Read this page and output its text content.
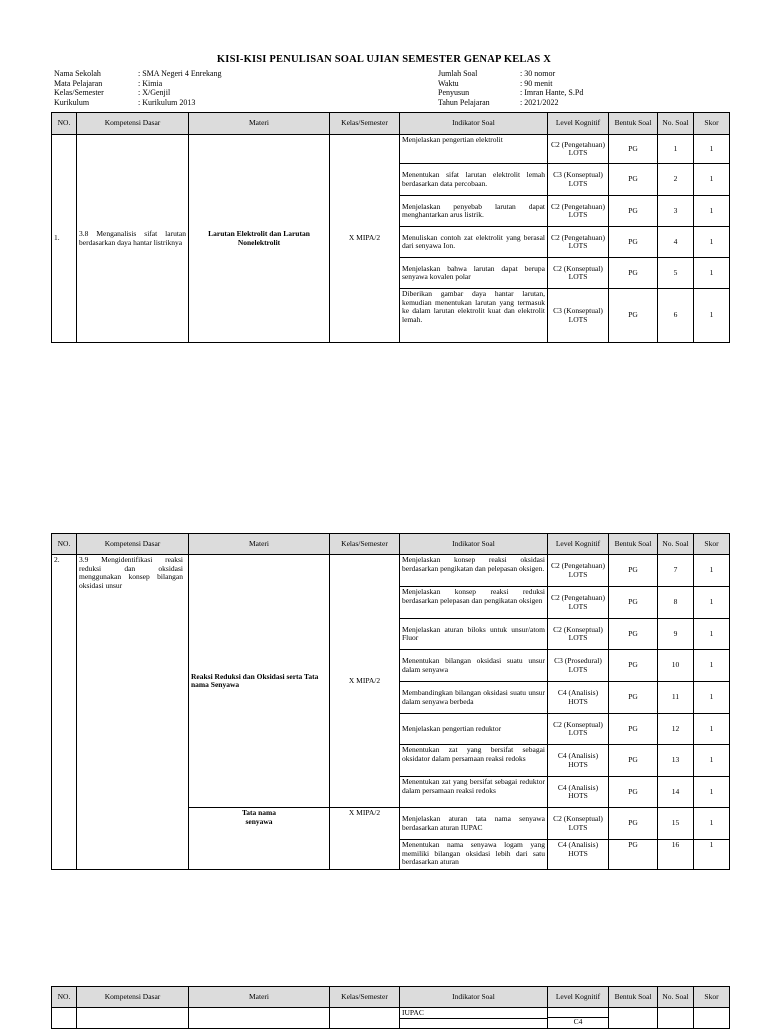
KISI-KISI PENULISAN SOAL UJIAN SEMESTER GENAP KELAS X
Nama Sekolah	: SMA Negeri 4 Enrekang
Mata Pelajaran	: Kimia
Kelas/Semester	: X/Genjil
Kurikulum	: Kurikulum 2013
Jumlah Soal	: 30 nomor
Waktu	: 90 menit
Penyusun	: Imran Hante, S.Pd
Tahun Pelajaran	: 2021/2022
NO.	Kompetensi Dasar	Materi	Kelas/Semester	Indikator Soal	Level Kognitif	Bentuk Soal	No. Soal	Skor
1.	3.8 Menganalisis sifat larutan berdasarkan daya hantar listriknya	Larutan Elektrolit dan Larutan Nonelektrolit	X MIPA/2	Menjelaskan pengertian elektrolit	C2 (Pengetahuan) LOTS	PG	1	1
				Menentukan sifat larutan elektrolit lemah berdasarkan data percobaan.	C3 (Konseptual) LOTS	PG	2	1
				Menjelaskan penyebab larutan dapat menghantarkan arus listrik.	C2 (Pengetahuan) LOTS	PG	3	1
				Menuliskan contoh zat elektrolit yang berasal dari senyawa Ion.	C2 (Pengetahuan) LOTS	PG	4	1
				Menjelaskan bahwa larutan dapat berupa senyawa kovalen polar	C2 (Konseptual) LOTS	PG	5	1
				Diberikan gambar daya hantar larutan, kemudian menentukan larutan yang termasuk ke dalam larutan elektrolit kuat dan elektrolit lemah.	C3 (Konseptual) LOTS	PG	6	1
NO.	Kompetensi Dasar	Materi	Kelas/Semester	Indikator Soal	Level Kognitif	Bentuk Soal	No. Soal	Skor
2.	3.9 Mengidentifikasi reaksi reduksi dan oksidasi menggunakan konsep bilangan oksidasi unsur	Reaksi Reduksi dan Oksidasi serta Tata nama Senyawa	X MIPA/2	Menjelaskan konsep reaksi oksidasi berdasarkan pengikatan dan pelepasan oksigen.	C2 (Pengetahuan) LOTS	PG	7	1
				Menjelaskan konsep reaksi reduksi berdasarkan pelepasan dan pengikatan oksigen	C2 (Pengetahuan) LOTS	PG	8	1
				Menjelaskan aturan biloks untuk unsur/atom Fluor	C2 (Konseptual) LOTS	PG	9	1
				Menentukan bilangan oksidasi suatu unsur dalam senyawa	C3 (Prosedural) LOTS	PG	10	1
				Membandingkan bilangan oksidasi suatu unsur dalam senyawa berbeda	C4 (Analisis) HOTS	PG	11	1
				Menjelaskan pengertian reduktor	C2 (Konseptual) LOTS	PG	12	1
				Menentukan zat yang bersifat sebagai oksidator dalam persamaan reaksi redoks	C4 (Analisis) HOTS	PG	13	1
				Menentukan zat yang bersifat sebagai reduktor dalam persamaan reaksi redoks	C4 (Analisis) HOTS	PG	14	1

		Tata nama senyawa	X MIPA/2	Menjelaskan aturan tata nama senyawa berdasarkan aturan IUPAC	C2 (Konseptual) LOTS	PG	15	1

				Menentukan nama senyawa logam yang memiliki bilangan oksidasi lebih dari satu berdasarkan aturan	C4 (Analisis) HOTS	PG	16	1
NO.	Kompetensi Dasar	Materi	Kelas/Semester	Indikator Soal	Level Kognitif	Bentuk Soal	No. Soal	Skor

				IUPAC	C4			
